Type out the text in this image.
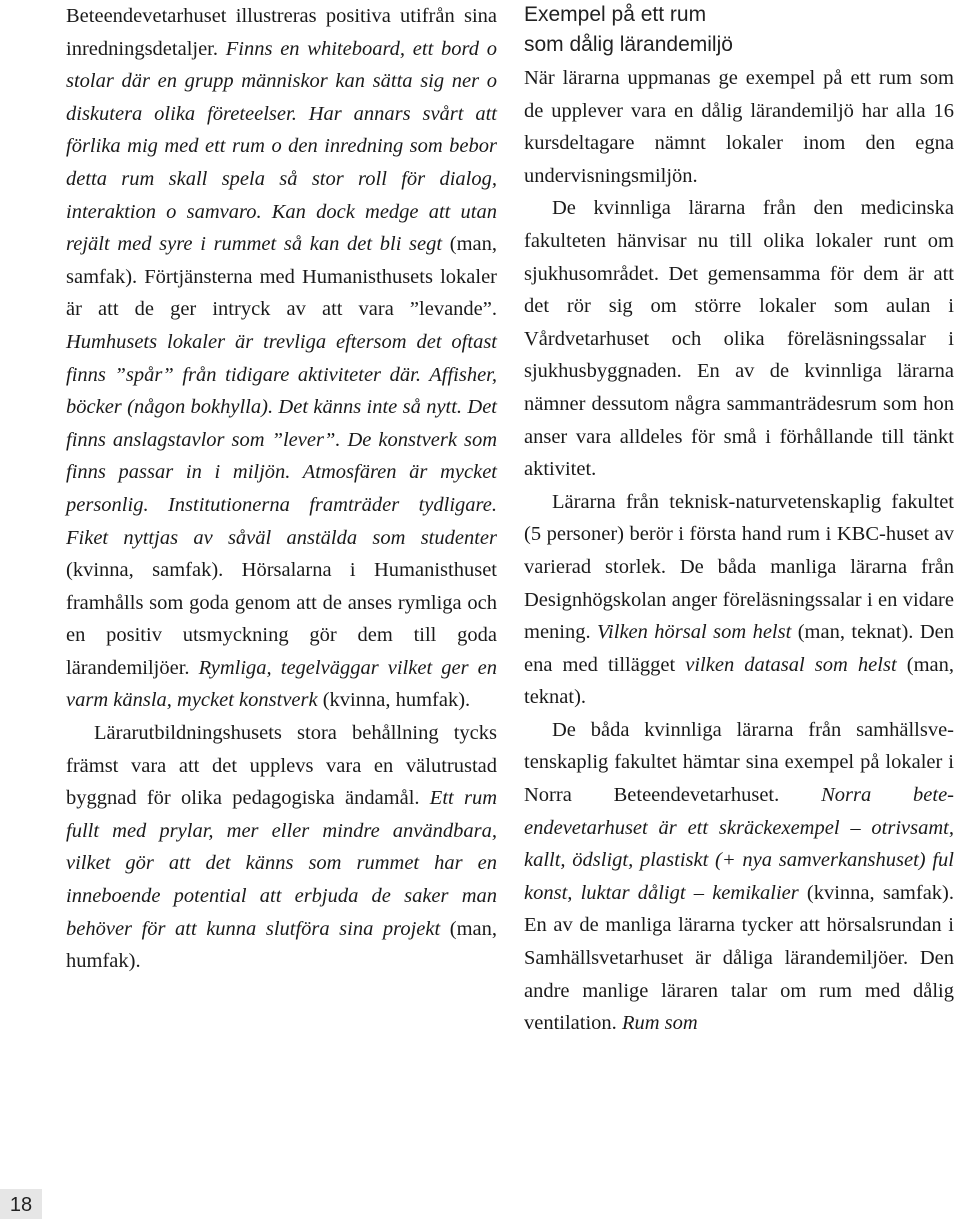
Beteendevetarhuset illustreras positiva utifrån sina inredningsdetaljer. Finns en whiteboard, ett bord o stolar där en grupp människor kan sätta sig ner o diskutera olika företeelser. Har annars svårt att förlika mig med ett rum o den inredning som bebor detta rum skall spela så stor roll för dialog, interaktion o samvaro. Kan dock medge att utan rejält med syre i rummet så kan det bli segt (man, samfak). Förtjänsterna med Humanisthusets lokaler är att de ger intryck av att vara ”levande”. Humhusets lokaler är trevliga eftersom det oftast finns ”spår” från tidigare aktiviteter där. Affisher, böcker (någon bokhylla). Det känns inte så nytt. Det finns anslagstavlor som ”lever”. De konstverk som finns passar in i miljön. Atmosfären är mycket personlig. Institutionerna framträder tydligare. Fiket nyttjas av såväl anstälda som studenter (kvinna, samfak). Hörsalarna i Humanisthuset framhålls som goda genom att de anses rymliga och en positiv utsmyckning gör dem till goda lärandemiljöer. Rymliga, tegelväggar vilket ger en varm känsla, mycket konstverk (kvinna, humfak).

Lärarutbildningshusets stora behållning tycks främst vara att det upplevs vara en välutrustad byggnad för olika pedagogiska ändamål. Ett rum fullt med prylar, mer eller mindre användbara, vilket gör att det känns som rummet har en inneboende potential att erbjuda de saker man behöver för att kunna slutföra sina projekt (man, humfak).

Exempel på ett rum
som dålig lärandemiljö

När lärarna uppmanas ge exempel på ett rum som de upplever vara en dålig lärandemiljö har alla 16 kursdeltagare nämnt lokaler inom den egna undervisningsmiljön.

De kvinnliga lärarna från den medicinska fakulteten hänvisar nu till olika lokaler runt om sjukhusområdet. Det gemensamma för dem är att det rör sig om större lokaler som aulan i Vårdvetarhuset och olika föreläsningssalar i sjukhusbyggnaden. En av de kvinnliga lärarna nämner dessutom några sammanträdesrum som hon anser vara alldeles för små i förhållande till tänkt aktivitet.

Lärarna från teknisk-naturvetenskaplig fakultet (5 personer) berör i första hand rum i KBC-huset av varierad storlek. De båda manliga lärarna från Designhögskolan anger föreläsningssalar i en vidare mening. Vilken hörsal som helst (man, teknat). Den ena med tillägget vilken datasal som helst (man, teknat).

De båda kvinnliga lärarna från samhällsvetenskaplig fakultet hämtar sina exempel på lokaler i Norra Beteendevetarhuset. Norra beteendevetarhuset är ett skräckexempel – otrivsamt, kallt, ödsligt, plastiskt (+ nya samverkanshuset) ful konst, luktar dåligt – kemikalier (kvinna, samfak). En av de manliga lärarna tycker att hörsalsrundan i Samhällsvetarhuset är dåliga lärandemiljöer. Den andre manlige läraren talar om rum med dålig ventilation. Rum som

18
